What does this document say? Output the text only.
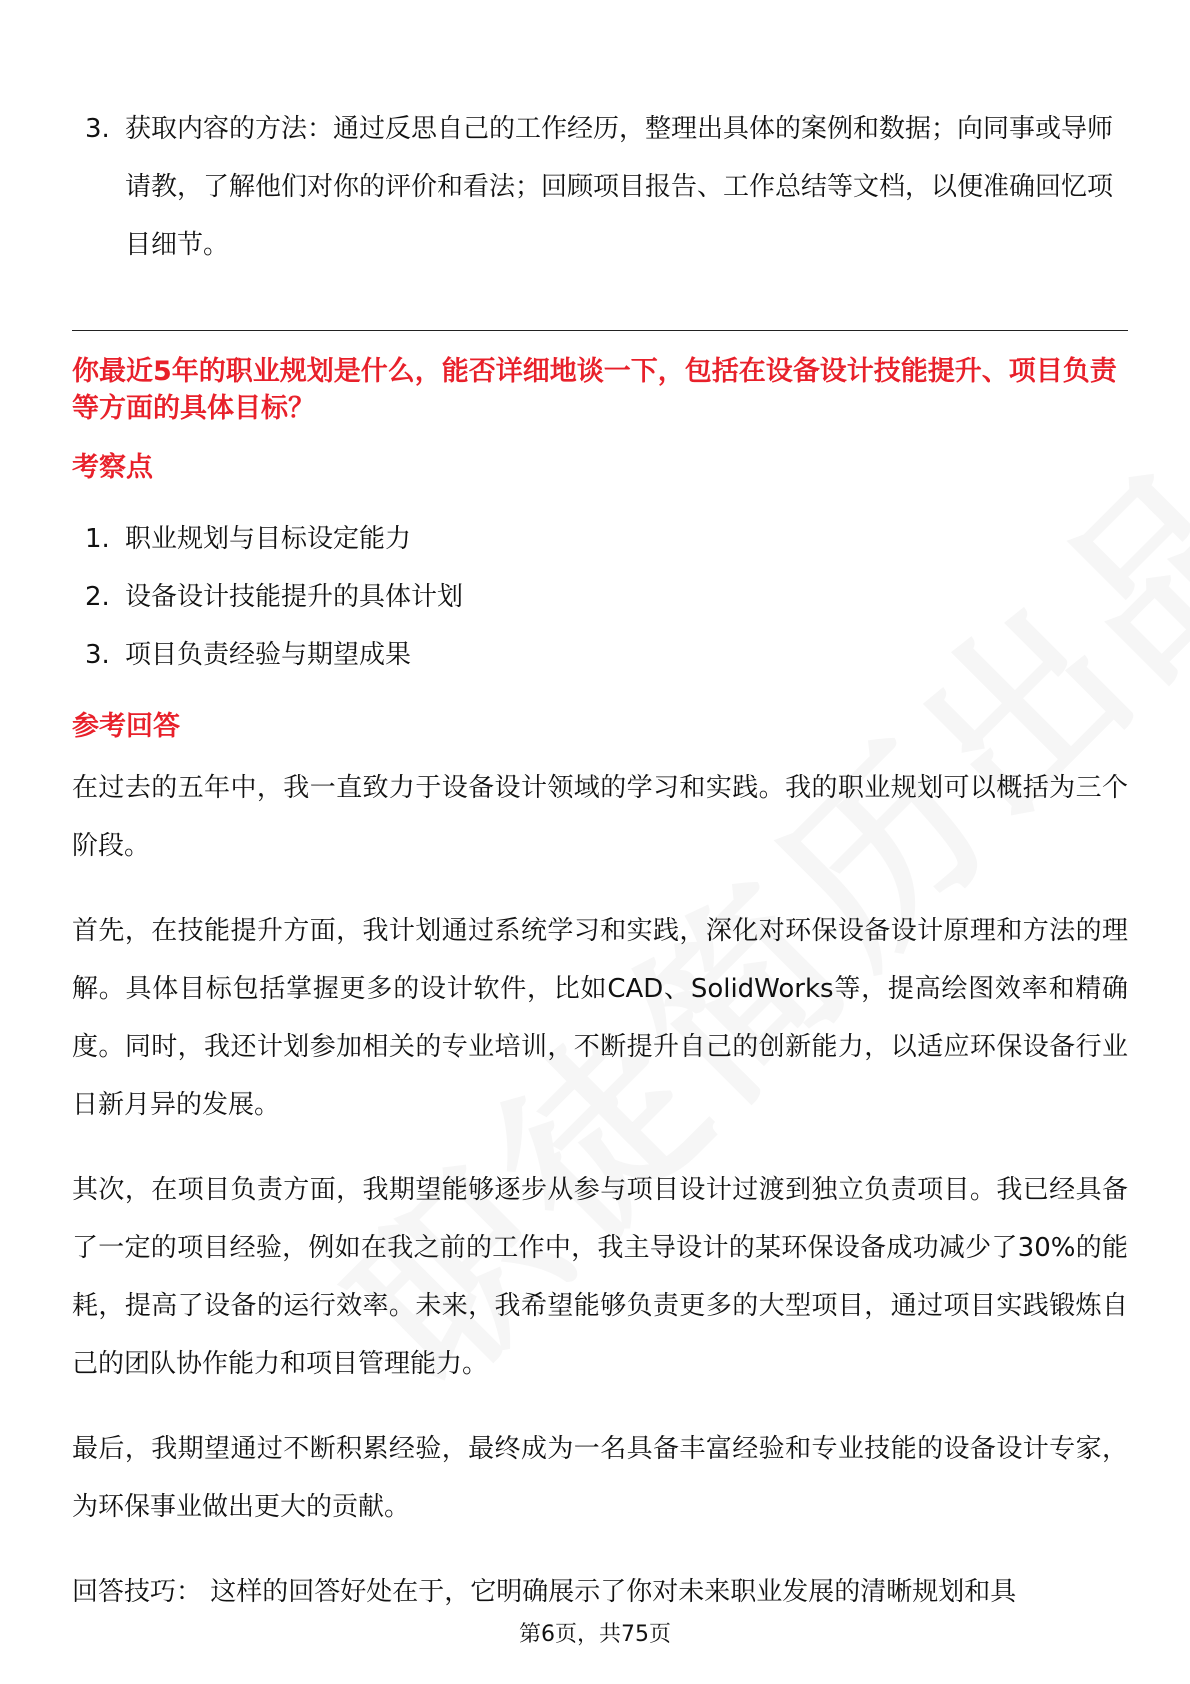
3. 获取内容的方法：通过反思自己的工作经历，整理出具体的案例和数据；向同事或导师请教，了解他们对你的评价和看法；回顾项目报告、工作总结等文档，以便准确回忆项目细节。
你最近5年的职业规划是什么，能否详细地谈一下，包括在设备设计技能提升、项目负责等方面的具体目标？
考察点
1. 职业规划与目标设定能力
2. 设备设计技能提升的具体计划
3. 项目负责经验与期望成果
参考回答

在过去的五年中，我一直致力于设备设计领域的学习和实践。我的职业规划可以概括为三个阶段。

首先，在技能提升方面，我计划通过系统学习和实践，深化对环保设备设计原理和方法的理解。具体目标包括掌握更多的设计软件，比如CAD、SolidWorks等，提高绘图效率和精确度。同时，我还计划参加相关的专业培训，不断提升自己的创新能力，以适应环保设备行业日新月异的发展。

其次，在项目负责方面，我期望能够逐步从参与项目设计过渡到独立负责项目。我已经具备了一定的项目经验，例如在我之前的工作中，我主导设计的某环保设备成功减少了30%的能耗，提高了设备的运行效率。未来，我希望能够负责更多的大型项目，通过项目实践锻炼自己的团队协作能力和项目管理能力。

最后，我期望通过不断积累经验，最终成为一名具备丰富经验和专业技能的设备设计专家，为环保事业做出更大的贡献。

回答技巧： 这样的回答好处在于，它明确展示了你对未来职业发展的清晰规划和具

第6页，共75页
